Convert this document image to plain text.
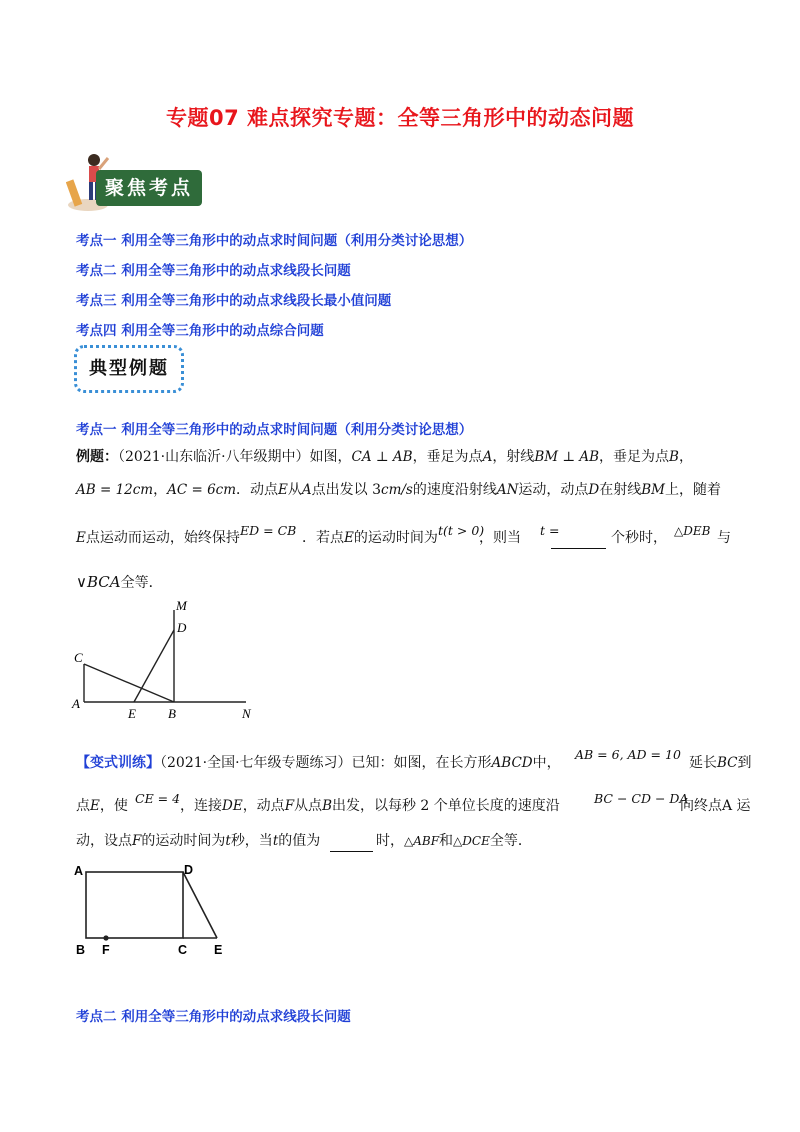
专题07 难点探究专题：全等三角形中的动态问题
聚焦考点
考点一 利用全等三角形中的动点求时间问题（利用分类讨论思想）
考点二 利用全等三角形中的动点求线段长问题
考点三 利用全等三角形中的动点求线段长最小值问题
考点四 利用全等三角形中的动点综合问题
典型例题
考点一 利用全等三角形中的动点求时间问题（利用分类讨论思想）
例题：（2021·山东临沂·八年级期中）如图，CA ⊥ AB，垂足为点A，射线BM ⊥ AB，垂足为点B，
AB = 12cm，AC = 6cm．动点E从A点出发以 3cm/s的速度沿射线AN运动，动点D在射线BM上，随着
E点运动而运动，始终保持 ED = CB ．若点E的运动时间为 t(t > 0)
，则当 t =	个秒时， △DEB 与
∨BCA全等．
M
D
C
A
E B	N
【变式训练】（2021·全国·七年级专题练习）已知：如图，在长方形ABCD中，
AB = 6, AD = 10
延长BC到
点E，使 CE = 4 ，连接DE，动点F从点B出发，以每秒 2 个单位长度的速度沿	BC − CD − DA
向终点A 运
动，设点F的运动时间为t秒，当t的值为	时，△ABF和△DCE全等．
A	D
B F	C E
考点二 利用全等三角形中的动点求线段长问题
